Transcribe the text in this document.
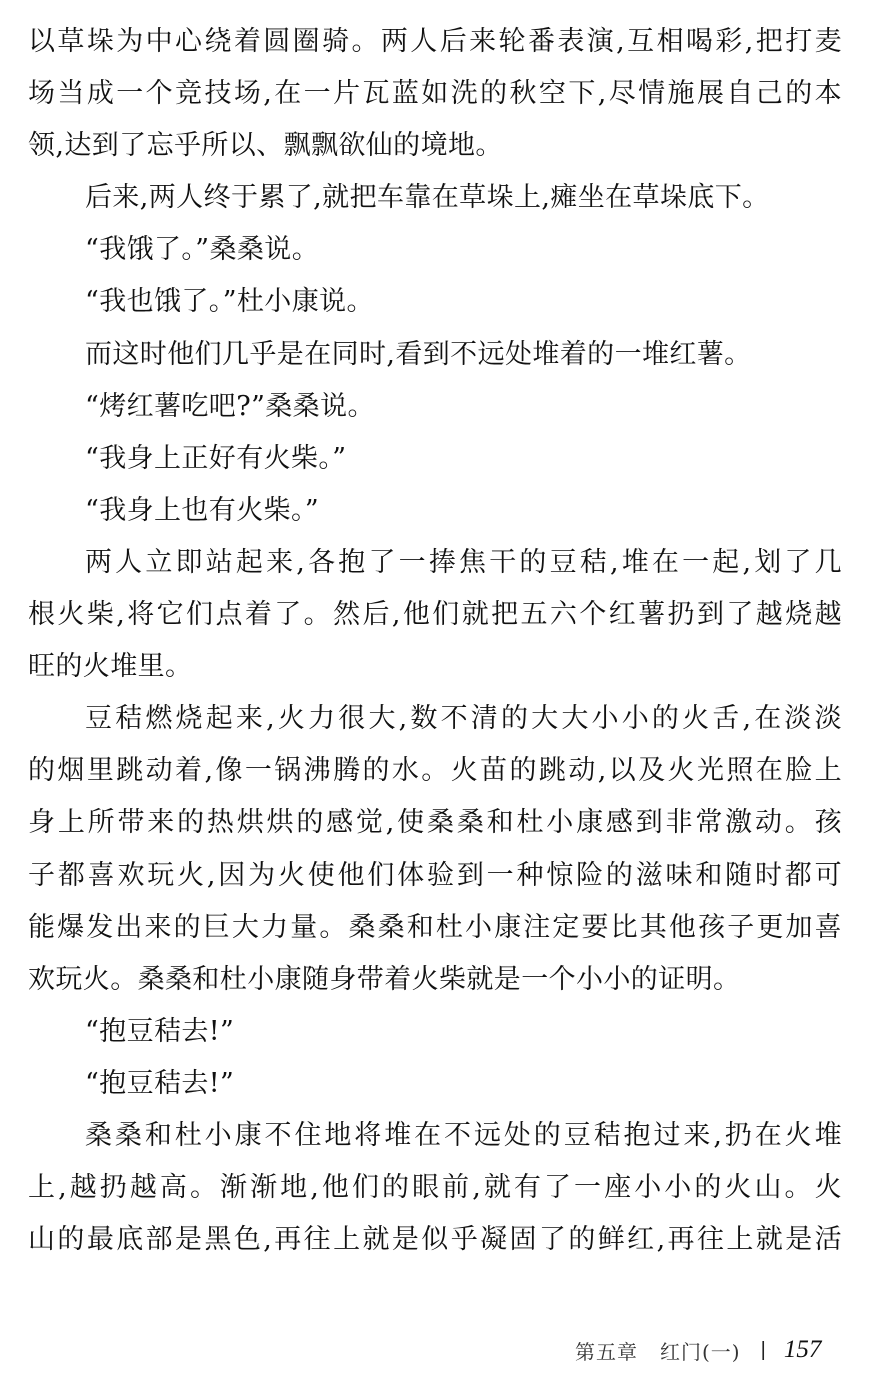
以草垛为中心绕着圆圈骑。两人后来轮番表演,互相喝彩,把打麦
场当成一个竞技场,在一片瓦蓝如洗的秋空下,尽情施展自己的本
领,达到了忘乎所以、飘飘欲仙的境地。
后来,两人终于累了,就把车靠在草垛上,瘫坐在草垛底下。
“我饿了。”桑桑说。
“我也饿了。”杜小康说。
而这时他们几乎是在同时,看到不远处堆着的一堆红薯。
“烤红薯吃吧?”桑桑说。
“我身上正好有火柴。”
“我身上也有火柴。”
两人立即站起来,各抱了一捧焦干的豆秸,堆在一起,划了几
根火柴,将它们点着了。然后,他们就把五六个红薯扔到了越烧越
旺的火堆里。
豆秸燃烧起来,火力很大,数不清的大大小小的火舌,在淡淡
的烟里跳动着,像一锅沸腾的水。火苗的跳动,以及火光照在脸上
身上所带来的热烘烘的感觉,使桑桑和杜小康感到非常激动。孩
子都喜欢玩火,因为火使他们体验到一种惊险的滋味和随时都可
能爆发出来的巨大力量。桑桑和杜小康注定要比其他孩子更加喜
欢玩火。桑桑和杜小康随身带着火柴就是一个小小的证明。
“抱豆秸去!”
“抱豆秸去!”
桑桑和杜小康不住地将堆在不远处的豆秸抱过来,扔在火堆
上,越扔越高。渐渐地,他们的眼前,就有了一座小小的火山。火
山的最底部是黑色,再往上就是似乎凝固了的鲜红,再往上就是活
第五章 红门(一) | 157
